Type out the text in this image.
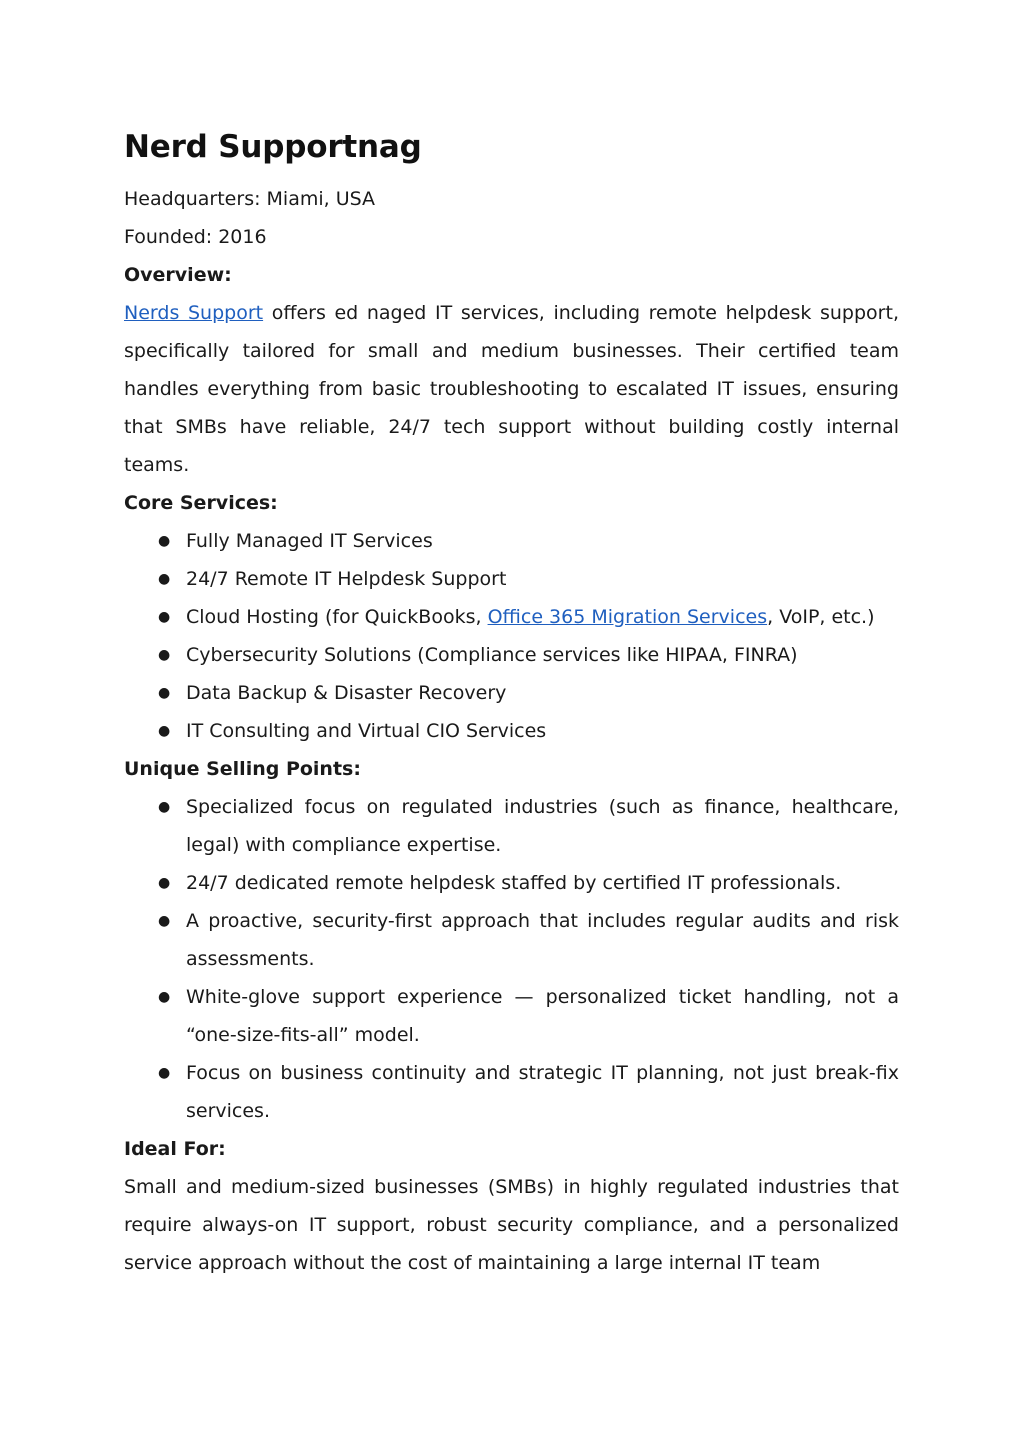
Nerd Supportnag

Headquarters: Miami, USA

Founded: 2016

Overview:

Nerds Support offers ed naged IT services, including remote helpdesk support, specifically tailored for small and medium businesses. Their certified team handles everything from basic troubleshooting to escalated IT issues, ensuring that SMBs have reliable, 24/7 tech support without building costly internal teams.

Core Services:

● Fully Managed IT Services
● 24/7 Remote IT Helpdesk Support
● Cloud Hosting (for QuickBooks, Office 365 Migration Services, VoIP, etc.)
● Cybersecurity Solutions (Compliance services like HIPAA, FINRA)
● Data Backup & Disaster Recovery
● IT Consulting and Virtual CIO Services

Unique Selling Points:

● Specialized focus on regulated industries (such as finance, healthcare, legal) with compliance expertise.
● 24/7 dedicated remote helpdesk staffed by certified IT professionals.
● A proactive, security-first approach that includes regular audits and risk assessments.
● White-glove support experience — personalized ticket handling, not a “one-size-fits-all” model.
● Focus on business continuity and strategic IT planning, not just break-fix services.

Ideal For:

Small and medium-sized businesses (SMBs) in highly regulated industries that require always-on IT support, robust security compliance, and a personalized service approach without the cost of maintaining a large internal IT team
